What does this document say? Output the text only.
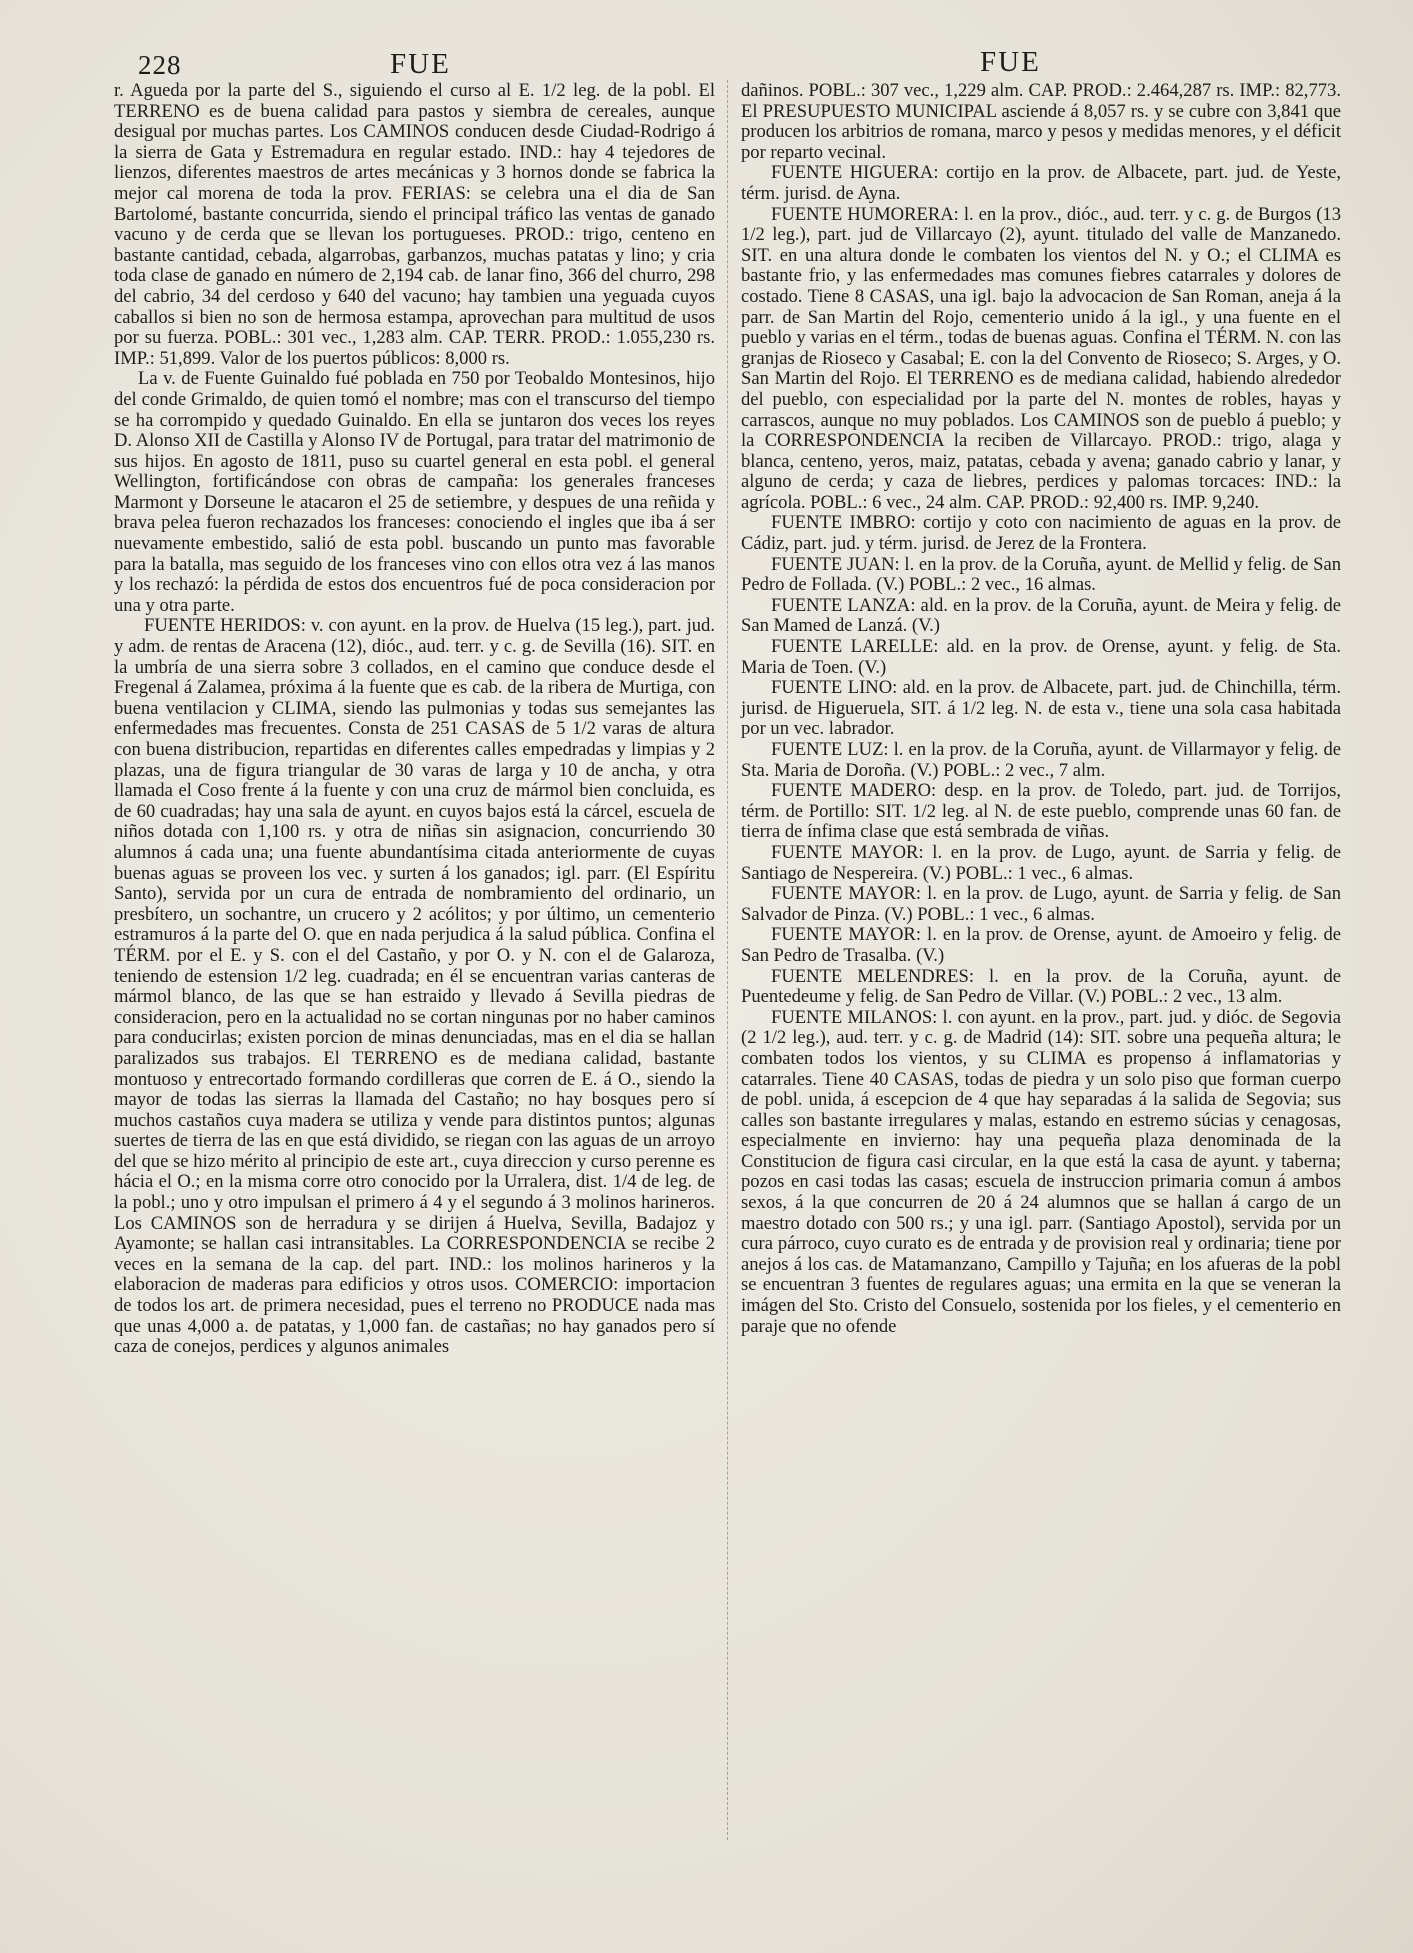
228	FUE	FUE

r. Agueda por la parte del S., siguiendo el curso al E. 1/2 leg. de la pobl. El TERRENO es de buena calidad para pastos y siembra de cereales, aunque desigual por muchas partes. Los CAMINOS conducen desde Ciudad-Rodrigo á la sierra de Gata y Estremadura en regular estado. IND.: hay 4 tejedores de lienzos, diferentes maestros de artes mecánicas y 3 hornos donde se fabrica la mejor cal morena de toda la prov. FERIAS: se celebra una el dia de San Bartolomé, bastante concurrida, siendo el principal tráfico las ventas de ganado vacuno y de cerda que se llevan los portugueses. PROD.: trigo, centeno en bastante cantidad, cebada, algarrobas, garbanzos, muchas patatas y lino; y cria toda clase de ganado en número de 2,194 cab. de lanar fino, 366 del churro, 298 del cabrio, 34 del cerdoso y 640 del vacuno; hay tambien una yeguada cuyos caballos si bien no son de hermosa estampa, aprovechan para multitud de usos por su fuerza. POBL.: 301 vec., 1,283 alm. CAP. TERR. PROD.: 1.055,230 rs. IMP.: 51,899. Valor de los puertos públicos: 8,000 rs.

La v. de Fuente Guinaldo fué poblada en 750 por Teobaldo Montesinos, hijo del conde Grimaldo, de quien tomó el nombre; mas con el transcurso del tiempo se ha corrompido y quedado Guinaldo. En ella se juntaron dos veces los reyes D. Alonso XII de Castilla y Alonso IV de Portugal, para tratar del matrimonio de sus hijos. En agosto de 1811, puso su cuartel general en esta pobl. el general Wellington, fortificándose con obras de campaña: los generales franceses Marmont y Dorseune le atacaron el 25 de setiembre, y despues de una reñida y brava pelea fueron rechazados los franceses: conociendo el ingles que iba á ser nuevamente embestido, salió de esta pobl. buscando un punto mas favorable para la batalla, mas seguido de los franceses vino con ellos otra vez á las manos y los rechazó: la pérdida de estos dos encuentros fué de poca consideracion por una y otra parte.

FUENTE HERIDOS: v. con ayunt. en la prov. de Huelva (15 leg.), part. jud. y adm. de rentas de Aracena (12), dióc., aud. terr. y c. g. de Sevilla (16). SIT. en la umbría de una sierra sobre 3 collados, en el camino que conduce desde el Fregenal á Zalamea, próxima á la fuente que es cab. de la ribera de Murtiga, con buena ventilacion y CLIMA, siendo las pulmonias y todas sus semejantes las enfermedades mas frecuentes. Consta de 251 CASAS de 5 1/2 varas de altura con buena distribucion, repartidas en diferentes calles empedradas y limpias y 2 plazas, una de figura triangular de 30 varas de larga y 10 de ancha, y otra llamada el Coso frente á la fuente y con una cruz de mármol bien concluida, es de 60 cuadradas; hay una sala de ayunt. en cuyos bajos está la cárcel, escuela de niños dotada con 1,100 rs. y otra de niñas sin asignacion, concurriendo 30 alumnos á cada una; una fuente abundantísima citada anteriormente de cuyas buenas aguas se proveen los vec. y surten á los ganados; igl. parr. (El Espíritu Santo), servida por un cura de entrada de nombramiento del ordinario, un presbítero, un sochantre, un crucero y 2 acólitos; y por último, un cementerio estramuros á la parte del O. que en nada perjudica á la salud pública. Confina el TÉRM. por el E. y S. con el del Castaño, y por O. y N. con el de Galaroza, teniendo de estension 1/2 leg. cuadrada; en él se encuentran varias canteras de mármol blanco, de las que se han estraido y llevado á Sevilla piedras de consideracion, pero en la actualidad no se cortan ningunas por no haber caminos para conducirlas; existen porcion de minas denunciadas, mas en el dia se hallan paralizados sus trabajos. El TERRENO es de mediana calidad, bastante montuoso y entrecortado formando cordilleras que corren de E. á O., siendo la mayor de todas las sierras la llamada del Castaño; no hay bosques pero sí muchos castaños cuya madera se utiliza y vende para distintos puntos; algunas suertes de tierra de las en que está dividido, se riegan con las aguas de un arroyo del que se hizo mérito al principio de este art., cuya direccion y curso perenne es hácia el O.; en la misma corre otro conocido por la Urralera, dist. 1/4 de leg. de la pobl.; uno y otro impulsan el primero á 4 y el segundo á 3 molinos harineros. Los CAMINOS son de herradura y se dirijen á Huelva, Sevilla, Badajoz y Ayamonte; se hallan casi intransitables. La CORRESPONDENCIA se recibe 2 veces en la semana de la cap. del part. IND.: los molinos harineros y la elaboracion de maderas para edificios y otros usos. COMERCIO: importacion de todos los art. de primera necesidad, pues el terreno no PRODUCE nada mas que unas 4,000 a. de patatas, y 1,000 fan. de castañas; no hay ganados pero sí caza de conejos, perdices y algunos animales

dañinos. POBL.: 307 vec., 1,229 alm. CAP. PROD.: 2.464,287 rs. IMP.: 82,773. El PRESUPUESTO MUNICIPAL asciende á 8,057 rs. y se cubre con 3,841 que producen los arbitrios de romana, marco y pesos y medidas menores, y el déficit por reparto vecinal.

FUENTE HIGUERA: cortijo en la prov. de Albacete, part. jud. de Yeste, térm. jurisd. de Ayna.

FUENTE HUMORERA: l. en la prov., dióc., aud. terr. y c. g. de Burgos (13 1/2 leg.), part. jud de Villarcayo (2), ayunt. titulado del valle de Manzanedo. SIT. en una altura donde le combaten los vientos del N. y O.; el CLIMA es bastante frio, y las enfermedades mas comunes fiebres catarrales y dolores de costado. Tiene 8 CASAS, una igl. bajo la advocacion de San Roman, aneja á la parr. de San Martin del Rojo, cementerio unido á la igl., y una fuente en el pueblo y varias en el térm., todas de buenas aguas. Confina el TÉRM. N. con las granjas de Rioseco y Casabal; E. con la del Convento de Rioseco; S. Arges, y O. San Martin del Rojo. El TERRENO es de mediana calidad, habiendo alrededor del pueblo, con especialidad por la parte del N. montes de robles, hayas y carrascos, aunque no muy poblados. Los CAMINOS son de pueblo á pueblo; y la CORRESPONDENCIA la reciben de Villarcayo. PROD.: trigo, alaga y blanca, centeno, yeros, maiz, patatas, cebada y avena; ganado cabrio y lanar, y alguno de cerda; y caza de liebres, perdices y palomas torcaces: IND.: la agrícola. POBL.: 6 vec., 24 alm. CAP. PROD.: 92,400 rs. IMP. 9,240.

FUENTE IMBRO: cortijo y coto con nacimiento de aguas en la prov. de Cádiz, part. jud. y térm. jurisd. de Jerez de la Frontera.

FUENTE JUAN: l. en la prov. de la Coruña, ayunt. de Mellid y felig. de San Pedro de Follada. (V.) POBL.: 2 vec., 16 almas.

FUENTE LANZA: ald. en la prov. de la Coruña, ayunt. de Meira y felig. de San Mamed de Lanzá. (V.)

FUENTE LARELLE: ald. en la prov. de Orense, ayunt. y felig. de Sta. Maria de Toen. (V.)

FUENTE LINO: ald. en la prov. de Albacete, part. jud. de Chinchilla, térm. jurisd. de Higueruela, SIT. á 1/2 leg. N. de esta v., tiene una sola casa habitada por un vec. labrador.

FUENTE LUZ: l. en la prov. de la Coruña, ayunt. de Villarmayor y felig. de Sta. Maria de Doroña. (V.) POBL.: 2 vec., 7 alm.

FUENTE MADERO: desp. en la prov. de Toledo, part. jud. de Torrijos, térm. de Portillo: SIT. 1/2 leg. al N. de este pueblo, comprende unas 60 fan. de tierra de ínfima clase que está sembrada de viñas.

FUENTE MAYOR: l. en la prov. de Lugo, ayunt. de Sarria y felig. de Santiago de Nespereira. (V.) POBL.: 1 vec., 6 almas.

FUENTE MAYOR: l. en la prov. de Lugo, ayunt. de Sarria y felig. de San Salvador de Pinza. (V.) POBL.: 1 vec., 6 almas.

FUENTE MAYOR: l. en la prov. de Orense, ayunt. de Amoeiro y felig. de San Pedro de Trasalba. (V.)

FUENTE MELENDRES: l. en la prov. de la Coruña, ayunt. de Puentedeume y felig. de San Pedro de Villar. (V.) POBL.: 2 vec., 13 alm.

FUENTE MILANOS: l. con ayunt. en la prov., part. jud. y dióc. de Segovia (2 1/2 leg.), aud. terr. y c. g. de Madrid (14): SIT. sobre una pequeña altura; le combaten todos los vientos, y su CLIMA es propenso á inflamatorias y catarrales. Tiene 40 CASAS, todas de piedra y un solo piso que forman cuerpo de pobl. unida, á escepcion de 4 que hay separadas á la salida de Segovia; sus calles son bastante irregulares y malas, estando en estremo súcias y cenagosas, especialmente en invierno: hay una pequeña plaza denominada de la Constitucion de figura casi circular, en la que está la casa de ayunt. y taberna; pozos en casi todas las casas; escuela de instruccion primaria comun á ambos sexos, á la que concurren de 20 á 24 alumnos que se hallan á cargo de un maestro dotado con 500 rs.; y una igl. parr. (Santiago Apostol), servida por un cura párroco, cuyo curato es de entrada y de provision real y ordinaria; tiene por anejos á los cas. de Matamanzano, Campillo y Tajuña; en los afueras de la pobl se encuentran 3 fuentes de regulares aguas; una ermita en la que se veneran la imágen del Sto. Cristo del Consuelo, sostenida por los fieles, y el cementerio en paraje que no ofende
